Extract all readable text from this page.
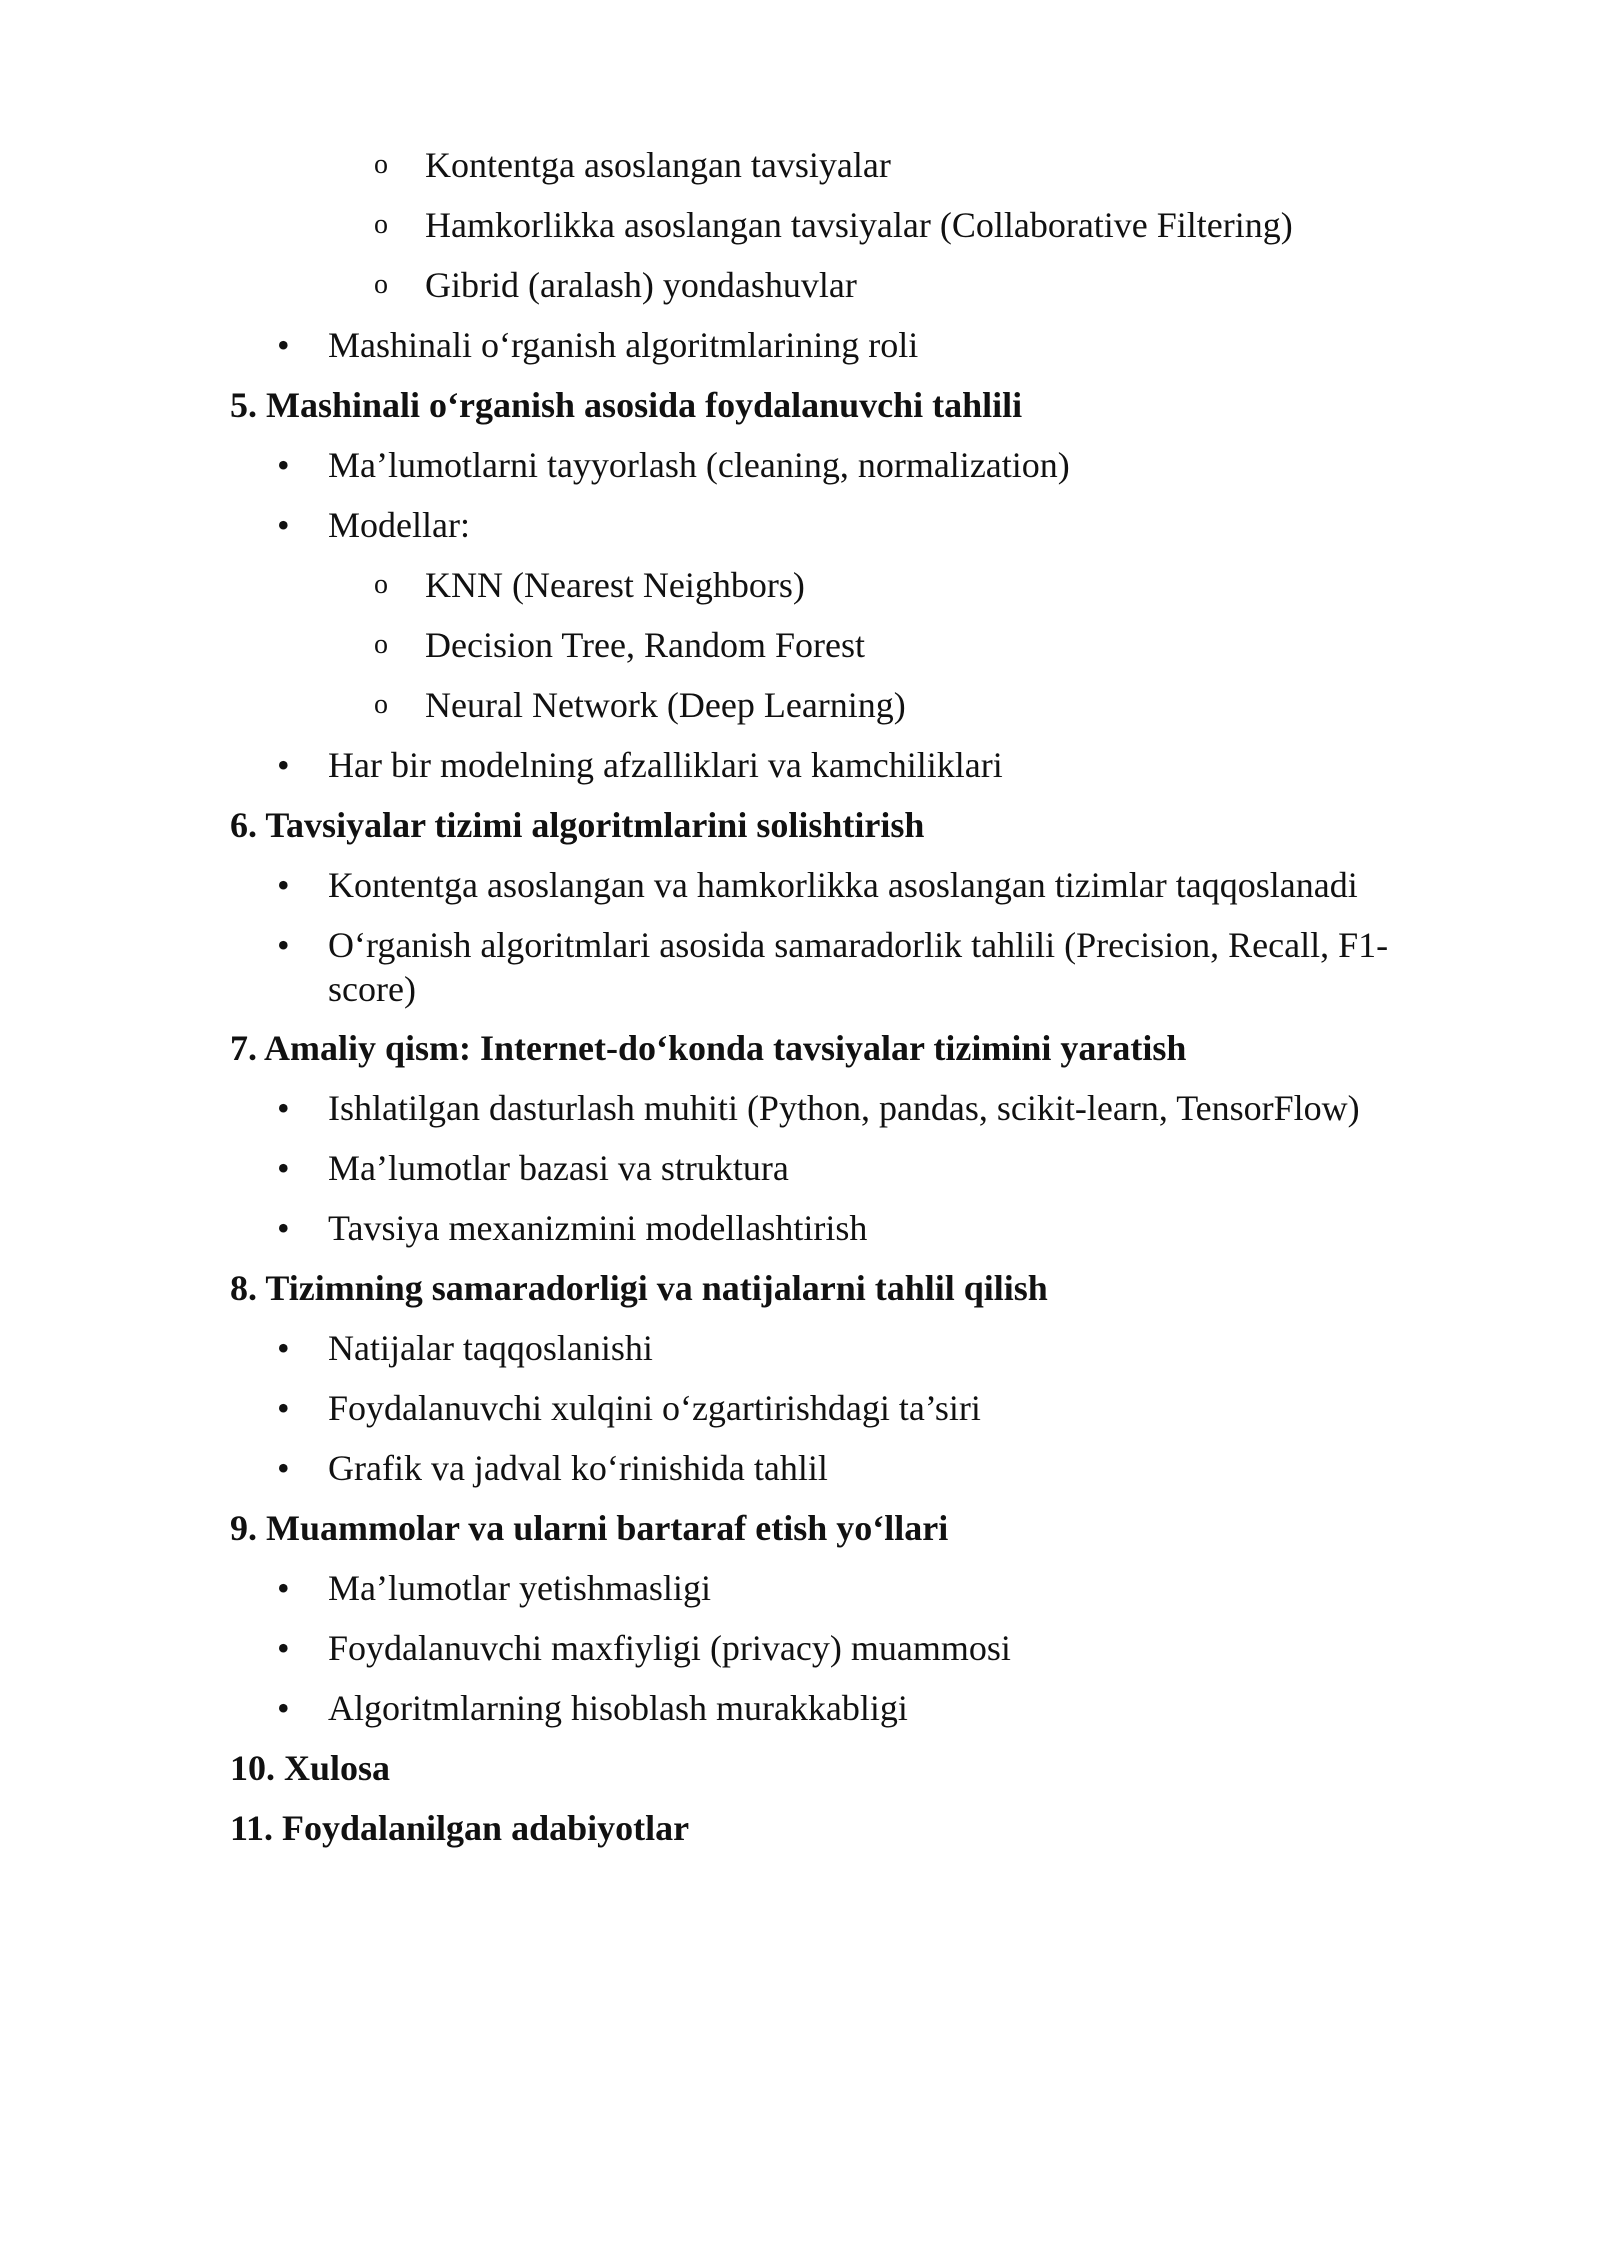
o Kontentga asoslangan tavsiyalar
o Hamkorlikka asoslangan tavsiyalar (Collaborative Filtering)
o Gibrid (aralash) yondashuvlar
• Mashinali o‘rganish algoritmlarining roli
5. Mashinali o‘rganish asosida foydalanuvchi tahlili
• Ma’lumotlarni tayyorlash (cleaning, normalization)
• Modellar:
o KNN (Nearest Neighbors)
o Decision Tree, Random Forest
o Neural Network (Deep Learning)
• Har bir modelning afzalliklari va kamchiliklari
6. Tavsiyalar tizimi algoritmlarini solishtirish
• Kontentga asoslangan va hamkorlikka asoslangan tizimlar taqqoslanadi
• O‘rganish algoritmlari asosida samaradorlik tahlili (Precision, Recall, F1-score)
7. Amaliy qism: Internet-do‘konda tavsiyalar tizimini yaratish
• Ishlatilgan dasturlash muhiti (Python, pandas, scikit-learn, TensorFlow)
• Ma’lumotlar bazasi va struktura
• Tavsiya mexanizmini modellashtirish
8. Tizimning samaradorligi va natijalarni tahlil qilish
• Natijalar taqqoslanishi
• Foydalanuvchi xulqini o‘zgartirishdagi ta’siri
• Grafik va jadval ko‘rinishida tahlil
9. Muammolar va ularni bartaraf etish yo‘llari
• Ma’lumotlar yetishmasligi
• Foydalanuvchi maxfiyligi (privacy) muammosi
• Algoritmlarning hisoblash murakkabligi
10. Xulosa
11. Foydalanilgan adabiyotlar
